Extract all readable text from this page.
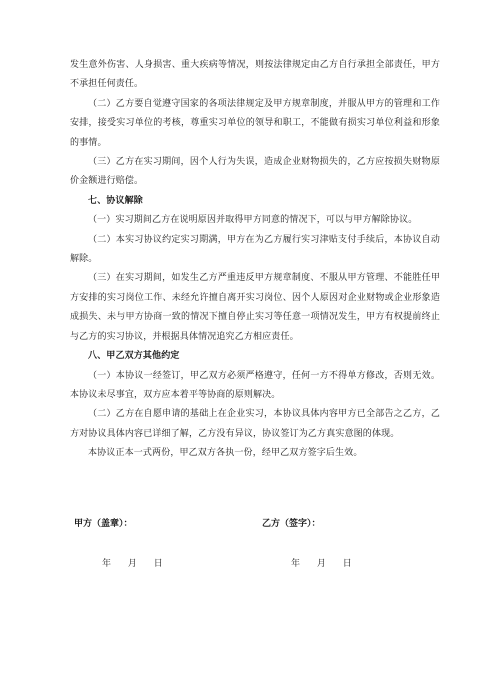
发生意外伤害、人身损害、重大疾病等情况，则按法律规定由乙方自行承担全部责任，甲方不承担任何责任。

（二）乙方要自觉遵守国家的各项法律规定及甲方规章制度，并服从甲方的管理和工作安排，接受实习单位的考核，尊重实习单位的领导和职工，不能做有损实习单位利益和形象的事情。

（三）乙方在实习期间，因个人行为失误，造成企业财物损失的，乙方应按损失财物原价金额进行赔偿。

七、协议解除

（一）实习期间乙方在说明原因并取得甲方同意的情况下，可以与甲方解除协议。

（二）本实习协议约定实习期满，甲方在为乙方履行实习津贴支付手续后，本协议自动解除。

（三）在实习期间，如发生乙方严重违反甲方规章制度、不服从甲方管理、不能胜任甲方安排的实习岗位工作、未经允许擅自离开实习岗位、因个人原因对企业财物或企业形象造成损失、未与甲方协商一致的情况下擅自停止实习等任意一项情况发生，甲方有权提前终止与乙方的实习协议，并根据具体情况追究乙方相应责任。

八、甲乙双方其他约定

（一）本协议一经签订，甲乙双方必须严格遵守，任何一方不得单方修改，否则无效。本协议未尽事宜，双方应本着平等协商的原则解决。

（二）乙方在自愿申请的基础上在企业实习，本协议具体内容甲方已全部告之乙方，乙方对协议具体内容已详细了解，乙方没有异议，协议签订为乙方真实意图的体现。

本协议正本一式两份，甲乙双方各执一份，经甲乙双方签字后生效。

甲方（盖章）：	乙方（签字）：
年 月 日	年 月 日
